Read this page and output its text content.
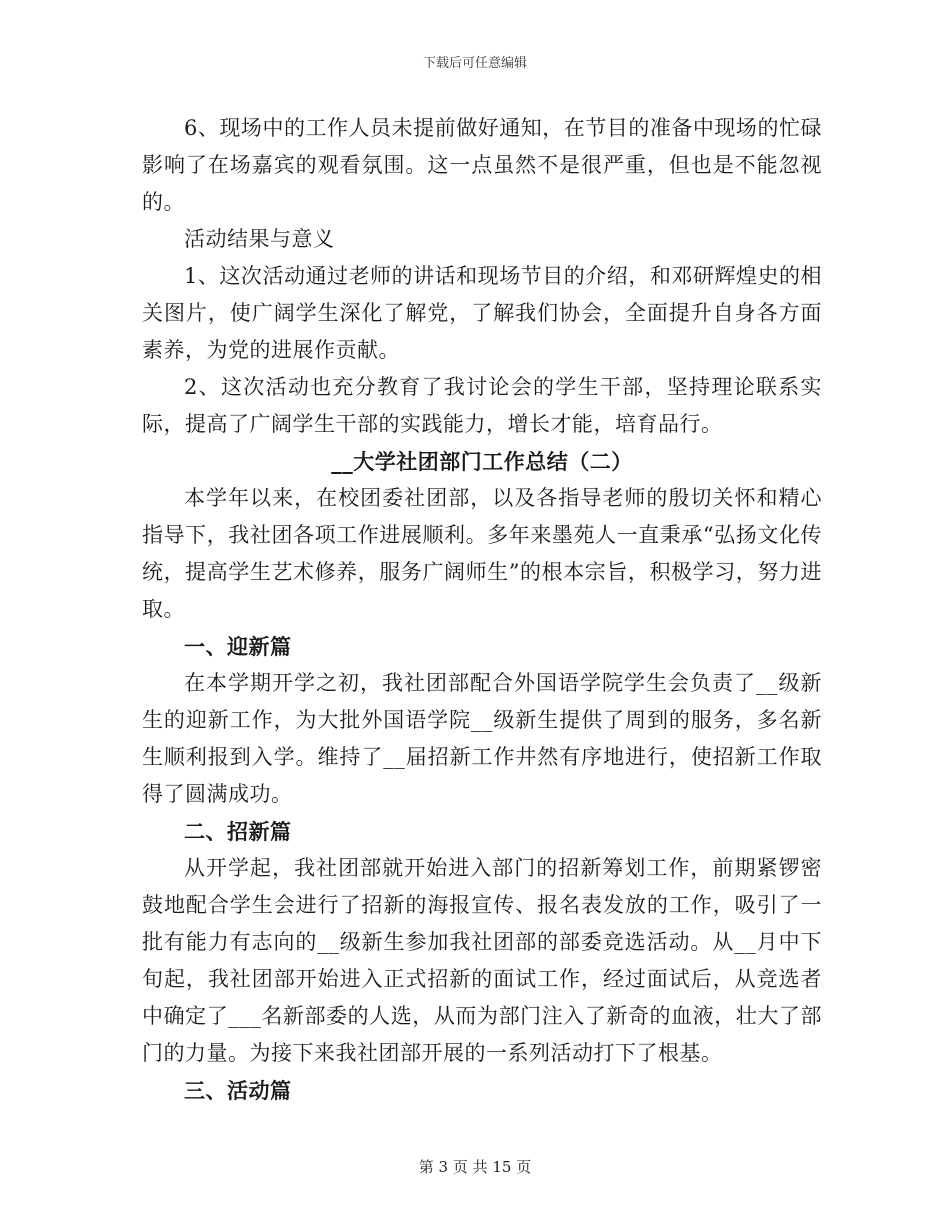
下载后可任意编辑

6、现场中的工作人员未提前做好通知，在节目的准备中现场的忙碌影响了在场嘉宾的观看氛围。这一点虽然不是很严重，但也是不能忽视的。

活动结果与意义

1、这次活动通过老师的讲话和现场节目的介绍，和邓研辉煌史的相关图片，使广阔学生深化了解党，了解我们协会，全面提升自身各方面素养，为党的进展作贡献。

2、这次活动也充分教育了我讨论会的学生干部，坚持理论联系实际，提高了广阔学生干部的实践能力，增长才能，培育品行。

__大学社团部门工作总结（二）

本学年以来，在校团委社团部，以及各指导老师的殷切关怀和精心指导下，我社团各项工作进展顺利。多年来墨苑人一直秉承“弘扬文化传统，提高学生艺术修养，服务广阔师生”的根本宗旨，积极学习，努力进取。

一、迎新篇

在本学期开学之初，我社团部配合外国语学院学生会负责了__级新生的迎新工作，为大批外国语学院__级新生提供了周到的服务，多名新生顺利报到入学。维持了__届招新工作井然有序地进行，使招新工作取得了圆满成功。

二、招新篇

从开学起，我社团部就开始进入部门的招新筹划工作，前期紧锣密鼓地配合学生会进行了招新的海报宣传、报名表发放的工作，吸引了一批有能力有志向的__级新生参加我社团部的部委竞选活动。从__月中下旬起，我社团部开始进入正式招新的面试工作，经过面试后，从竞选者中确定了___名新部委的人选，从而为部门注入了新奇的血液，壮大了部门的力量。为接下来我社团部开展的一系列活动打下了根基。

三、活动篇

第 3 页 共 15 页
